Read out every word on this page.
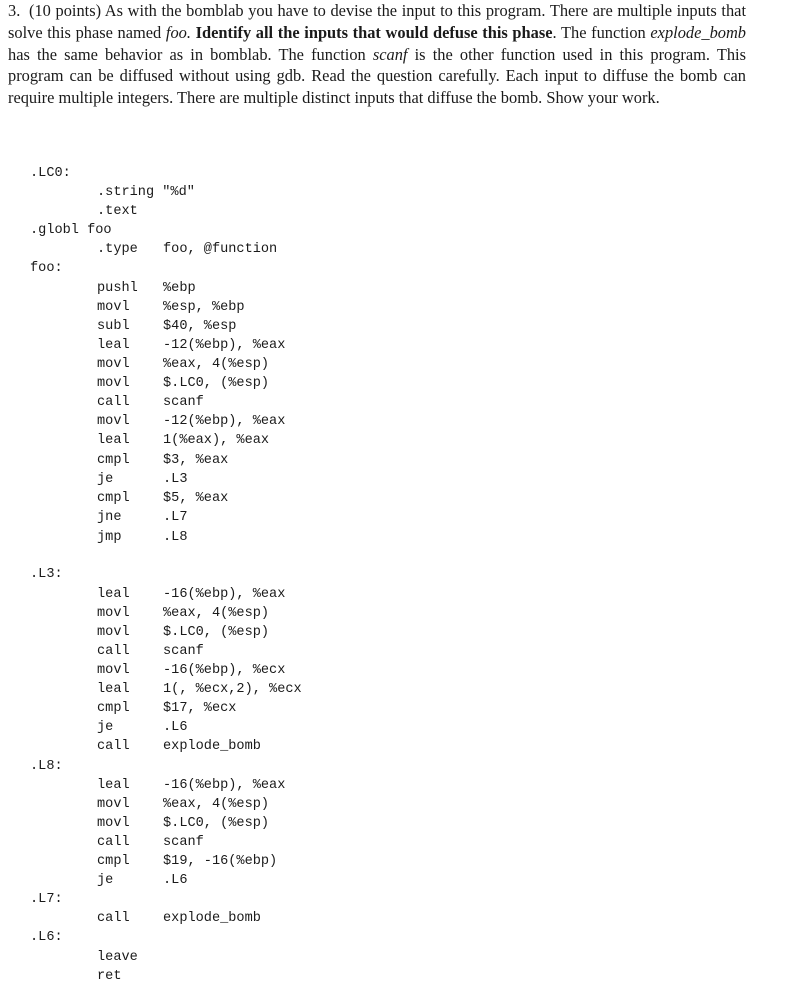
3. (10 points) As with the bomblab you have to devise the input to this program. There are multiple inputs that solve this phase named foo. Identify all the inputs that would defuse this phase. The function explode_bomb has the same behavior as in bomblab. The function scanf is the other function used in this program. This program can be diffused without using gdb. Read the question carefully. Each input to diffuse the bomb can require multiple integers. There are multiple distinct inputs that diffuse the bomb. Show your work.
.LC0:
.string "%d"
.text
.globl foo
.type foo, @function
foo:
pushl %ebp
movl %esp, %ebp
subl $40, %esp
leal -12(%ebp), %eax
movl %eax, 4(%esp)
movl $.LC0, (%esp)
call scanf
movl -12(%ebp), %eax
leal 1(%eax), %eax
cmpl $3, %eax
je	.L3
cmpl $5, %eax
jne	.L7
jmp	.L8
.L3:
leal -16(%ebp), %eax
movl %eax, 4(%esp)
movl $.LC0, (%esp)
call scanf
movl -16(%ebp), %ecx
leal 1(, %ecx,2), %ecx
cmpl $17, %ecx
je	.L6
call explode_bomb
.L8:
leal -16(%ebp), %eax
movl %eax, 4(%esp)
movl $.LC0, (%esp)
call scanf
cmpl $19, -16(%ebp)
je	.L6
.L7:
call explode_bomb
.L6:
leave
ret
